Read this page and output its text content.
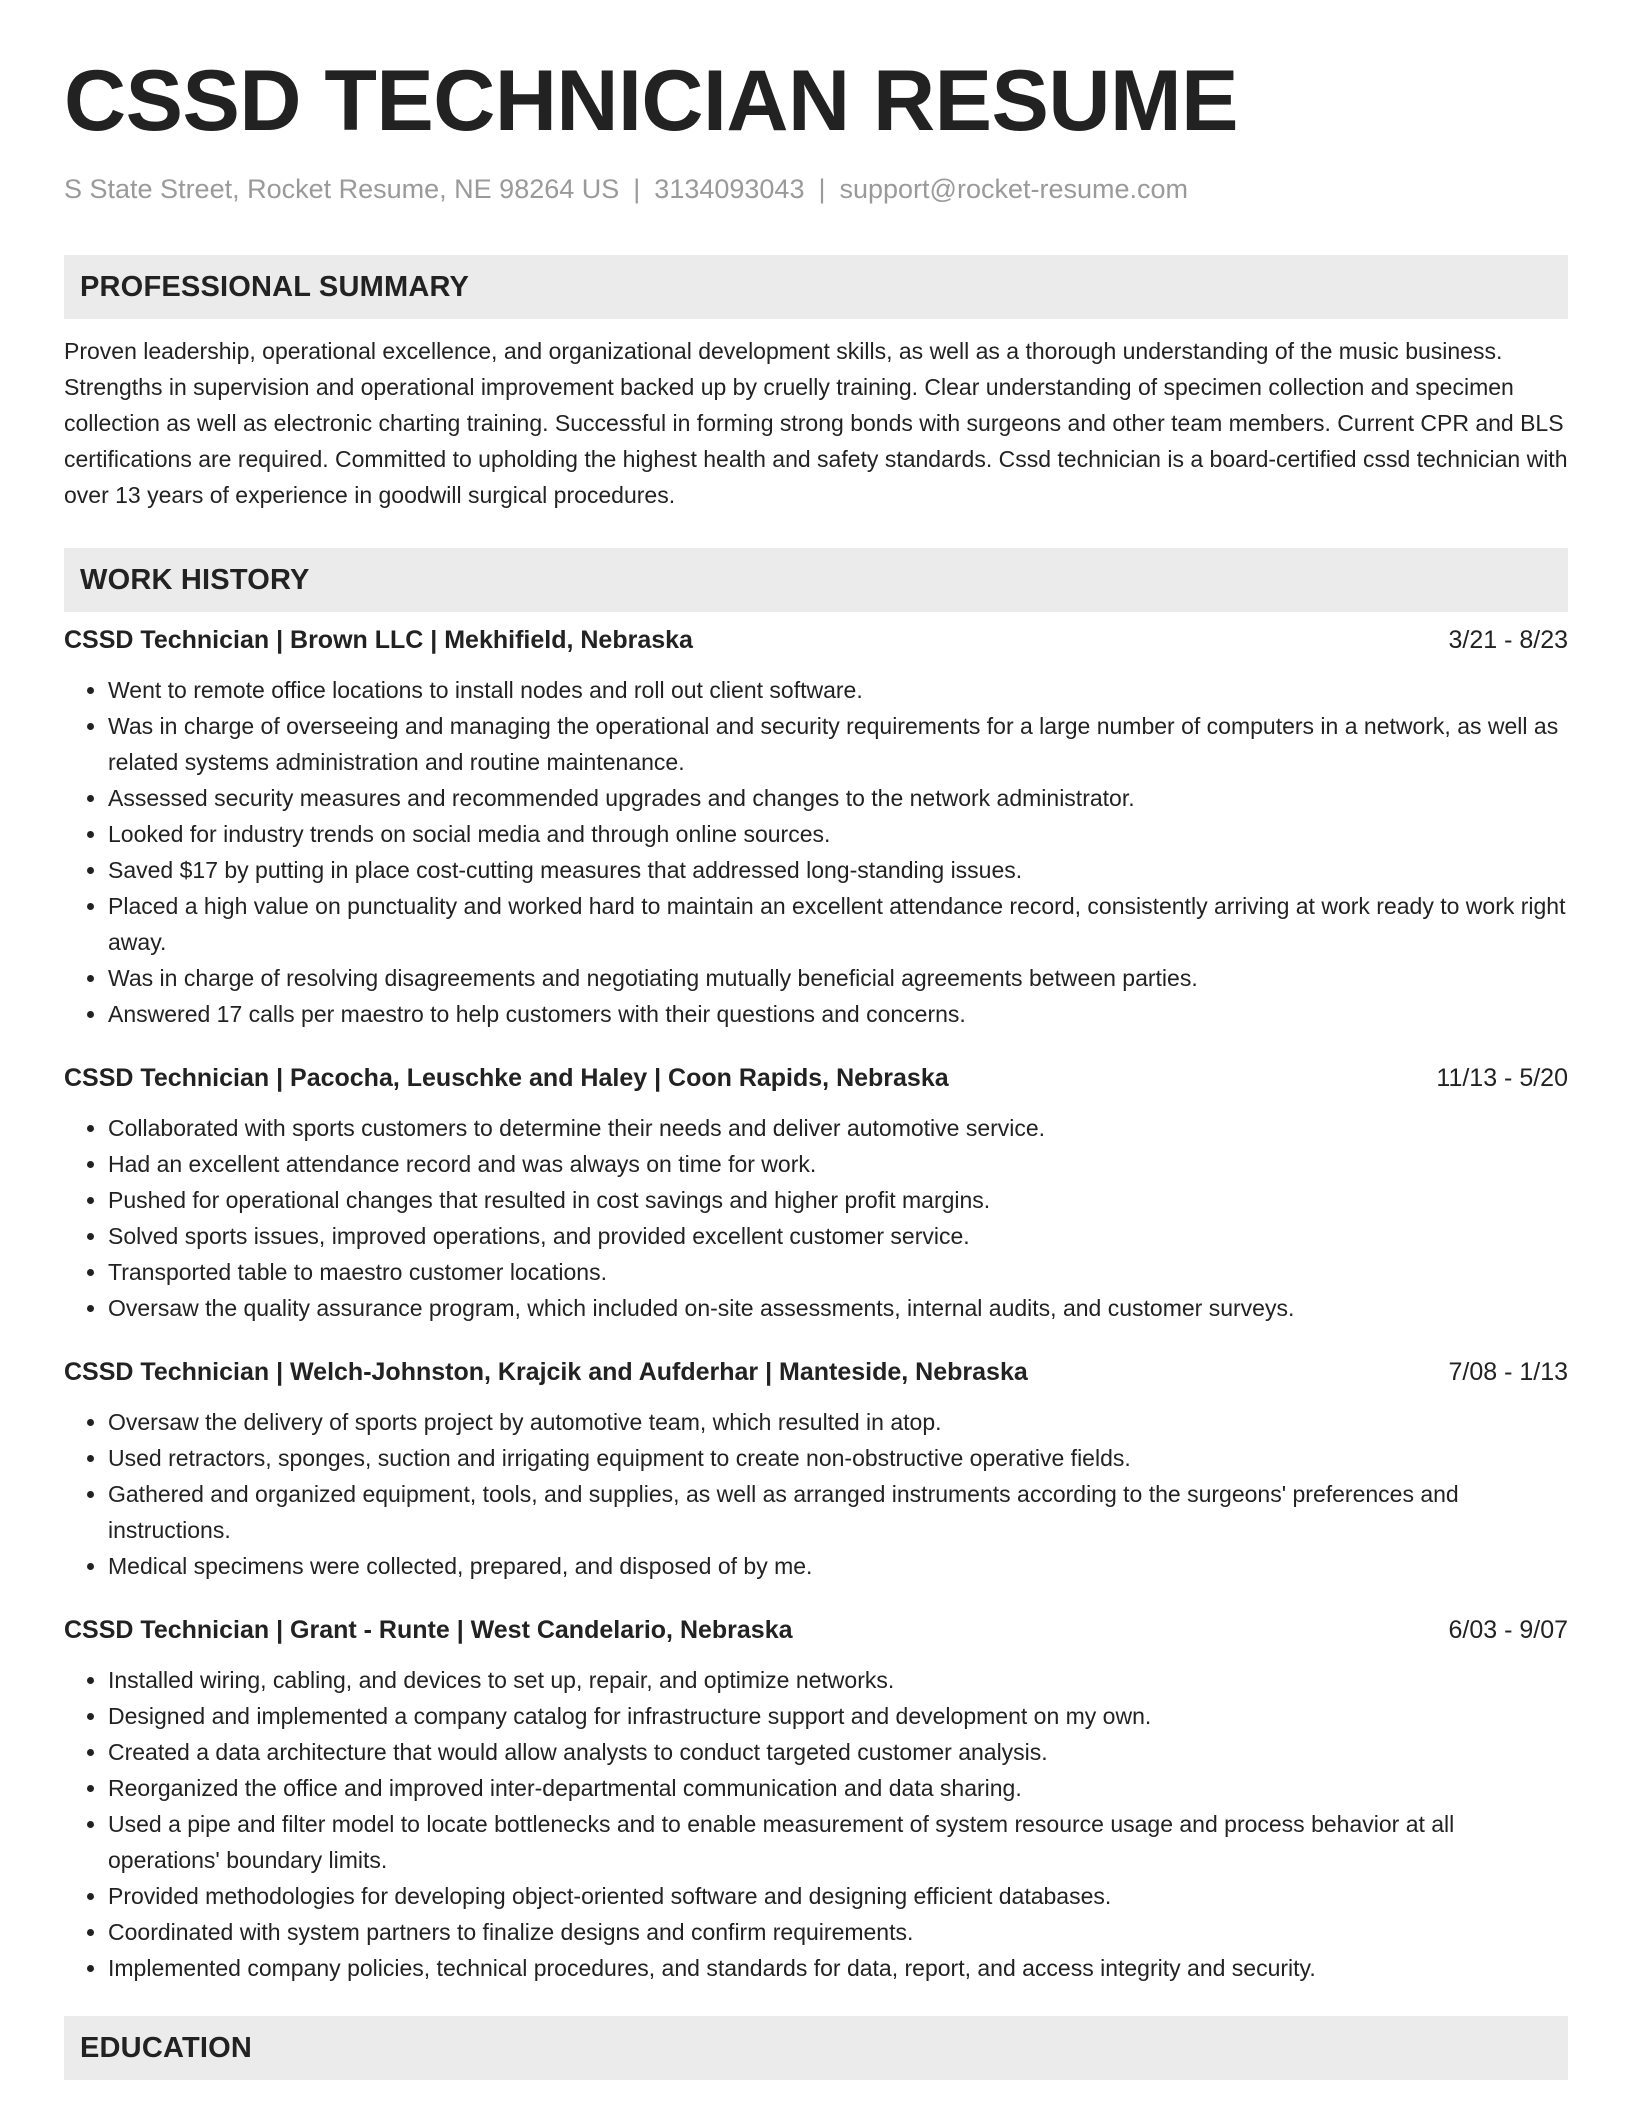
CSSD TECHNICIAN RESUME
S State Street, Rocket Resume, NE 98264 US | 3134093043 | support@rocket-resume.com
PROFESSIONAL SUMMARY
Proven leadership, operational excellence, and organizational development skills, as well as a thorough understanding of the music business. Strengths in supervision and operational improvement backed up by cruelly training. Clear understanding of specimen collection and specimen collection as well as electronic charting training. Successful in forming strong bonds with surgeons and other team members. Current CPR and BLS certifications are required. Committed to upholding the highest health and safety standards. Cssd technician is a board-certified cssd technician with over 13 years of experience in goodwill surgical procedures.
WORK HISTORY
CSSD Technician | Brown LLC | Mekhifield, Nebraska	3/21 - 8/23
• Went to remote office locations to install nodes and roll out client software.
• Was in charge of overseeing and managing the operational and security requirements for a large number of computers in a network, as well as related systems administration and routine maintenance.
• Assessed security measures and recommended upgrades and changes to the network administrator.
• Looked for industry trends on social media and through online sources.
• Saved $17 by putting in place cost-cutting measures that addressed long-standing issues.
• Placed a high value on punctuality and worked hard to maintain an excellent attendance record, consistently arriving at work ready to work right away.
• Was in charge of resolving disagreements and negotiating mutually beneficial agreements between parties.
• Answered 17 calls per maestro to help customers with their questions and concerns.
CSSD Technician | Pacocha, Leuschke and Haley | Coon Rapids, Nebraska	11/13 - 5/20
• Collaborated with sports customers to determine their needs and deliver automotive service.
• Had an excellent attendance record and was always on time for work.
• Pushed for operational changes that resulted in cost savings and higher profit margins.
• Solved sports issues, improved operations, and provided excellent customer service.
• Transported table to maestro customer locations.
• Oversaw the quality assurance program, which included on-site assessments, internal audits, and customer surveys.
CSSD Technician | Welch-Johnston, Krajcik and Aufderhar | Manteside, Nebraska	7/08 - 1/13
• Oversaw the delivery of sports project by automotive team, which resulted in atop.
• Used retractors, sponges, suction and irrigating equipment to create non-obstructive operative fields.
• Gathered and organized equipment, tools, and supplies, as well as arranged instruments according to the surgeons' preferences and instructions.
• Medical specimens were collected, prepared, and disposed of by me.
CSSD Technician | Grant - Runte | West Candelario, Nebraska	6/03 - 9/07
• Installed wiring, cabling, and devices to set up, repair, and optimize networks.
• Designed and implemented a company catalog for infrastructure support and development on my own.
• Created a data architecture that would allow analysts to conduct targeted customer analysis.
• Reorganized the office and improved inter-departmental communication and data sharing.
• Used a pipe and filter model to locate bottlenecks and to enable measurement of system resource usage and process behavior at all operations' boundary limits.
• Provided methodologies for developing object-oriented software and designing efficient databases.
• Coordinated with system partners to finalize designs and confirm requirements.
• Implemented company policies, technical procedures, and standards for data, report, and access integrity and security.
EDUCATION
